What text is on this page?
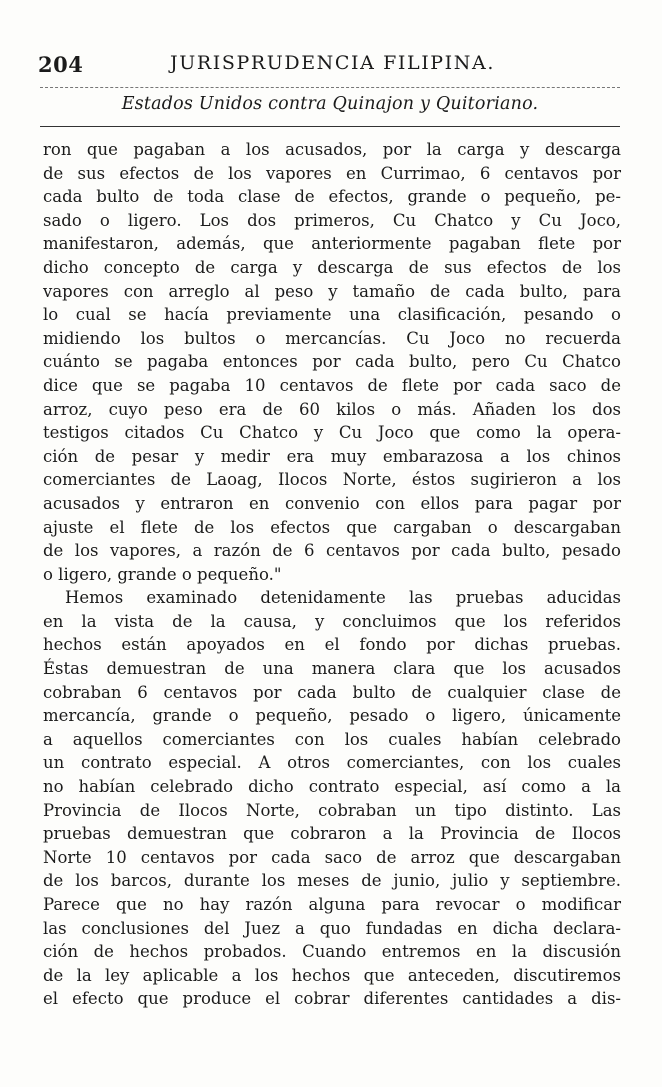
204	JURISPRUDENCIA FILIPINA.
Estados Unidos contra Quinajon y Quitoriano.
ron que pagaban a los acusados, por la carga y descarga
de sus efectos de los vapores en Currimao, 6 centavos por
cada bulto de toda clase de efectos, grande o pequeño, pe-
sado o ligero. Los dos primeros, Cu Chatco y Cu Joco,
manifestaron, además, que anteriormente pagaban flete por
dicho concepto de carga y descarga de sus efectos de los
vapores con arreglo al peso y tamaño de cada bulto, para
lo cual se hacía previamente una clasificación, pesando o
midiendo los bultos o mercancías. Cu Joco no recuerda
cuánto se pagaba entonces por cada bulto, pero Cu Chatco
dice que se pagaba 10 centavos de flete por cada saco de
arroz, cuyo peso era de 60 kilos o más. Añaden los dos
testigos citados Cu Chatco y Cu Joco que como la opera-
ción de pesar y medir era muy embarazosa a los chinos
comerciantes de Laoag, Ilocos Norte, éstos sugirieron a los
acusados y entraron en convenio con ellos para pagar por
ajuste el flete de los efectos que cargaban o descargaban
de los vapores, a razón de 6 centavos por cada bulto, pesado
o ligero, grande o pequeño."
Hemos examinado detenidamente las pruebas aducidas
en la vista de la causa, y concluimos que los referidos
hechos están apoyados en el fondo por dichas pruebas.
Éstas demuestran de una manera clara que los acusados
cobraban 6 centavos por cada bulto de cualquier clase de
mercancía, grande o pequeño, pesado o ligero, únicamente
a aquellos comerciantes con los cuales habían celebrado
un contrato especial. A otros comerciantes, con los cuales
no habían celebrado dicho contrato especial, así como a la
Provincia de Ilocos Norte, cobraban un tipo distinto. Las
pruebas demuestran que cobraron a la Provincia de Ilocos
Norte 10 centavos por cada saco de arroz que descargaban
de los barcos, durante los meses de junio, julio y septiembre.
Parece que no hay razón alguna para revocar o modificar
las conclusiones del Juez a quo fundadas en dicha declara-
ción de hechos probados. Cuando entremos en la discusión
de la ley aplicable a los hechos que anteceden, discutiremos
el efecto que produce el cobrar diferentes cantidades a dis-
